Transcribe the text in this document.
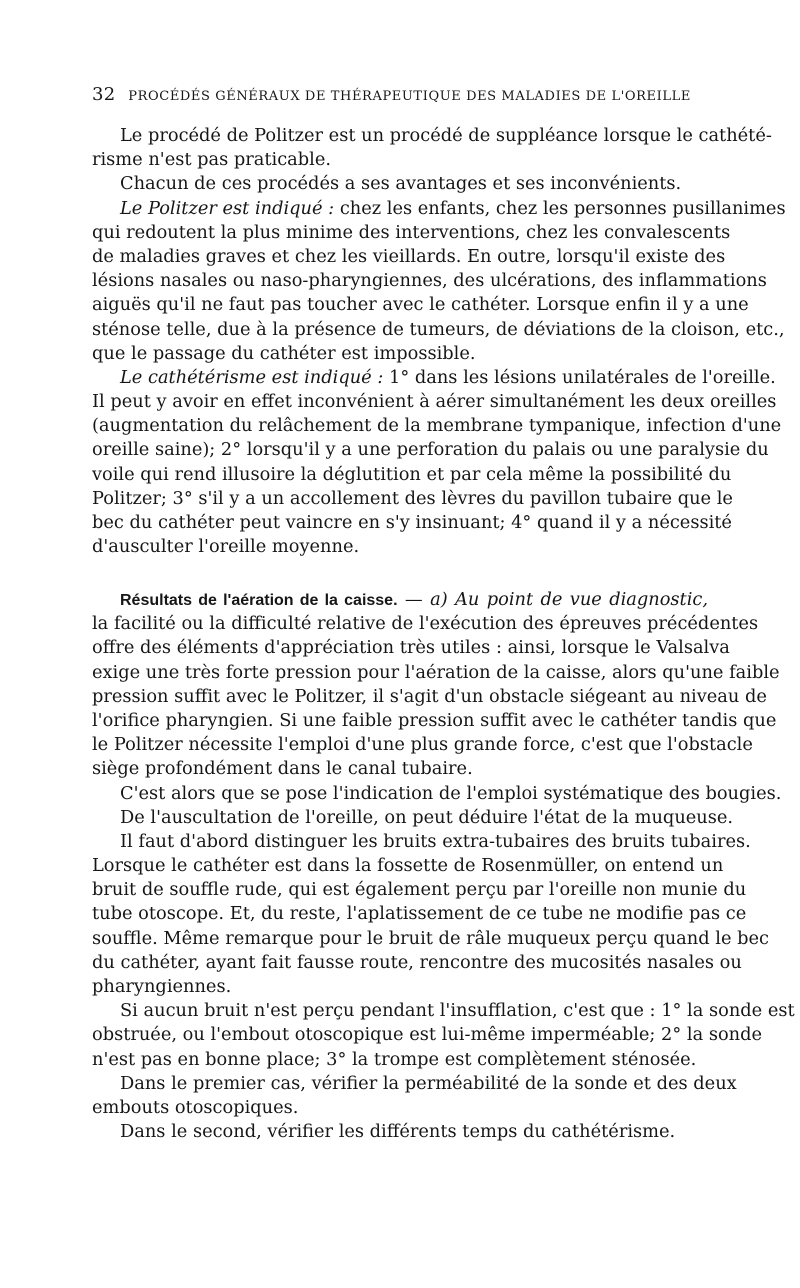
32 PROCÉDÉS GÉNÉRAUX DE THÉRAPEUTIQUE DES MALADIES DE L'OREILLE
Le procédé de Politzer est un procédé de suppléance lorsque le cathété-
risme n'est pas praticable.
Chacun de ces procédés a ses avantages et ses inconvénients.
Le Politzer est indiqué : chez les enfants, chez les personnes pusillanimes
qui redoutent la plus minime des interventions, chez les convalescents
de maladies graves et chez les vieillards. En outre, lorsqu'il existe des
lésions nasales ou naso-pharyngiennes, des ulcérations, des inflammations
aiguës qu'il ne faut pas toucher avec le cathéter. Lorsque enfin il y a une
sténose telle, due à la présence de tumeurs, de déviations de la cloison, etc.,
que le passage du cathéter est impossible.
Le cathétérisme est indiqué : 1° dans les lésions unilatérales de l'oreille.
Il peut y avoir en effet inconvénient à aérer simultanément les deux oreilles
(augmentation du relâchement de la membrane tympanique, infection d'une
oreille saine); 2° lorsqu'il y a une perforation du palais ou une paralysie du
voile qui rend illusoire la déglutition et par cela même la possibilité du
Politzer; 3° s'il y a un accollement des lèvres du pavillon tubaire que le
bec du cathéter peut vaincre en s'y insinuant; 4° quand il y a nécessité
d'ausculter l'oreille moyenne.
Résultats de l'aération de la caisse. — a) Au point de vue diagnostic,
la facilité ou la difficulté relative de l'exécution des épreuves précédentes
offre des éléments d'appréciation très utiles : ainsi, lorsque le Valsalva
exige une très forte pression pour l'aération de la caisse, alors qu'une faible
pression suffit avec le Politzer, il s'agit d'un obstacle siégeant au niveau de
l'orifice pharyngien. Si une faible pression suffit avec le cathéter tandis que
le Politzer nécessite l'emploi d'une plus grande force, c'est que l'obstacle
siège profondément dans le canal tubaire.
C'est alors que se pose l'indication de l'emploi systématique des bougies.
De l'auscultation de l'oreille, on peut déduire l'état de la muqueuse.
Il faut d'abord distinguer les bruits extra-tubaires des bruits tubaires.
Lorsque le cathéter est dans la fossette de Rosenmüller, on entend un
bruit de souffle rude, qui est également perçu par l'oreille non munie du
tube otoscope. Et, du reste, l'aplatissement de ce tube ne modifie pas ce
souffle. Même remarque pour le bruit de râle muqueux perçu quand le bec
du cathéter, ayant fait fausse route, rencontre des mucosités nasales ou
pharyngiennes.
Si aucun bruit n'est perçu pendant l'insufflation, c'est que : 1° la sonde est
obstruée, ou l'embout otoscopique est lui-même imperméable; 2° la sonde
n'est pas en bonne place; 3° la trompe est complètement sténosée.
Dans le premier cas, vérifier la perméabilité de la sonde et des deux
embouts otoscopiques.
Dans le second, vérifier les différents temps du cathétérisme.
